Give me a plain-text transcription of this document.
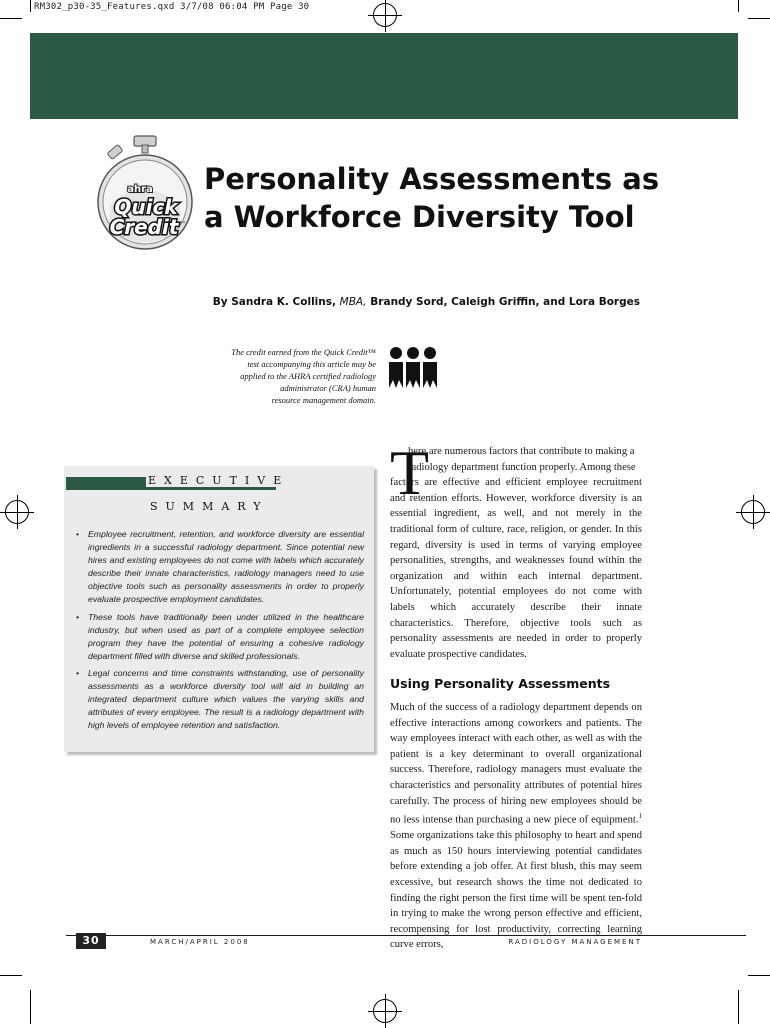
RM302_p30-35_Features.qxd 3/7/08 06:04 PM Page 30
ahra
Quick
Credit ™
Personality Assessments as
a Workforce Diversity Tool
By Sandra K. Collins, MBA, Brandy Sord, Caleigh Griffin, and Lora Borges
The credit earned from the Quick Credit™
test accompanying this article may be
applied to the AHRA certified radiology
administrator (CRA) human
resource management domain.
EXECUTIVE
SUMMARY
• Employee recruitment, retention, and workforce diversity are essential ingredients in a successful radiology department. Since potential new hires and existing employees do not come with labels which accurately describe their innate characteristics, radiology managers need to use objective tools such as personality assessments in order to properly evaluate prospective employment candidates.
• These tools have traditionally been under utilized in the healthcare industry, but when used as part of a complete employee selection program they have the potential of ensuring a cohesive radiology department filled with diverse and skilled professionals.
• Legal concerns and time constraints withstanding, use of personality assessments as a workforce diversity tool will aid in building an integrated department culture which values the varying skills and attributes of every employee. The result is a radiology department with high levels of employee retention and satisfaction.
T

here are numerous factors that contribute to making a
radiology department function properly. Among these
factors are effective and efficient employee recruitment and retention efforts. However, workforce diversity is an essential ingredient, as well, and not merely in the traditional form of culture, race, religion, or gender. In this regard, diversity is used in terms of varying employee personalities, strengths, and weaknesses found within the organization and within each internal department. Unfortunately, potential employees do not come with labels which accurately describe their innate characteristics. Therefore, objective tools such as personality assessments are needed in order to properly evaluate prospective candidates.

Using Personality Assessments

Much of the success of a radiology department depends on effective interactions among coworkers and patients. The way employees interact with each other, as well as with the patient is a key determinant to overall organizational success. Therefore, radiology managers must evaluate the characteristics and personality attributes of potential hires carefully. The process of hiring new employees should be no less intense than purchasing a new piece of equipment.$^1$ Some organizations take this philosophy to heart and spend as much as 150 hours interviewing potential candidates before extending a job offer. At first blush, this may seem excessive, but research shows the time not dedicated to finding the right person the first time will be spent ten-fold in trying to make the wrong person effective and efficient, recompensing for lost productivity, correcting learning curve errors,

30	MARCH/APRIL 2008	RADIOLOGY MANAGEMENT
